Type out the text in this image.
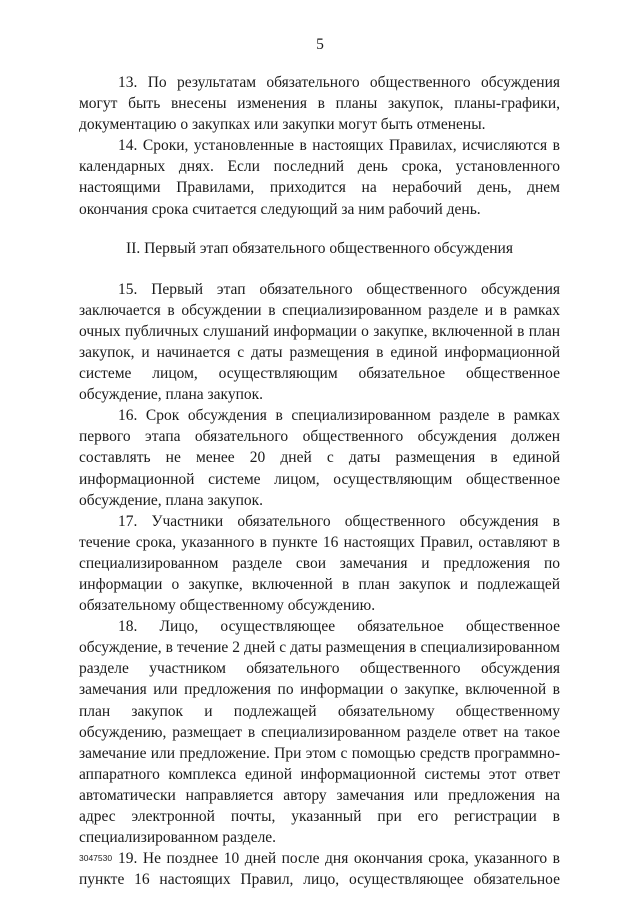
5

13. По результатам обязательного общественного обсуждения могут быть внесены изменения в планы закупок, планы-графики, документацию о закупках или закупки могут быть отменены.

14. Сроки, установленные в настоящих Правилах, исчисляются в календарных днях. Если последний день срока, установленного настоящими Правилами, приходится на нерабочий день, днем окончания срока считается следующий за ним рабочий день.

II. Первый этап обязательного общественного обсуждения

15. Первый этап обязательного общественного обсуждения заключается в обсуждении в специализированном разделе и в рамках очных публичных слушаний информации о закупке, включенной в план закупок, и начинается с даты размещения в единой информационной системе лицом, осуществляющим обязательное общественное обсуждение, плана закупок.

16. Срок обсуждения в специализированном разделе в рамках первого этапа обязательного общественного обсуждения должен составлять не менее 20 дней с даты размещения в единой информационной системе лицом, осуществляющим общественное обсуждение, плана закупок.

17. Участники обязательного общественного обсуждения в течение срока, указанного в пункте 16 настоящих Правил, оставляют в специализированном разделе свои замечания и предложения по информации о закупке, включенной в план закупок и подлежащей обязательному общественному обсуждению.

18. Лицо, осуществляющее обязательное общественное обсуждение, в течение 2 дней с даты размещения в специализированном разделе участником обязательного общественного обсуждения замечания или предложения по информации о закупке, включенной в план закупок и подлежащей обязательному общественному обсуждению, размещает в специализированном разделе ответ на такое замечание или предложение. При этом с помощью средств программно-аппаратного комплекса единой информационной системы этот ответ автоматически направляется автору замечания или предложения на адрес электронной почты, указанный при его регистрации в специализированном разделе.

19. Не позднее 10 дней после дня окончания срока, указанного в пункте 16 настоящих Правил, лицо, осуществляющее обязательное

3047530
